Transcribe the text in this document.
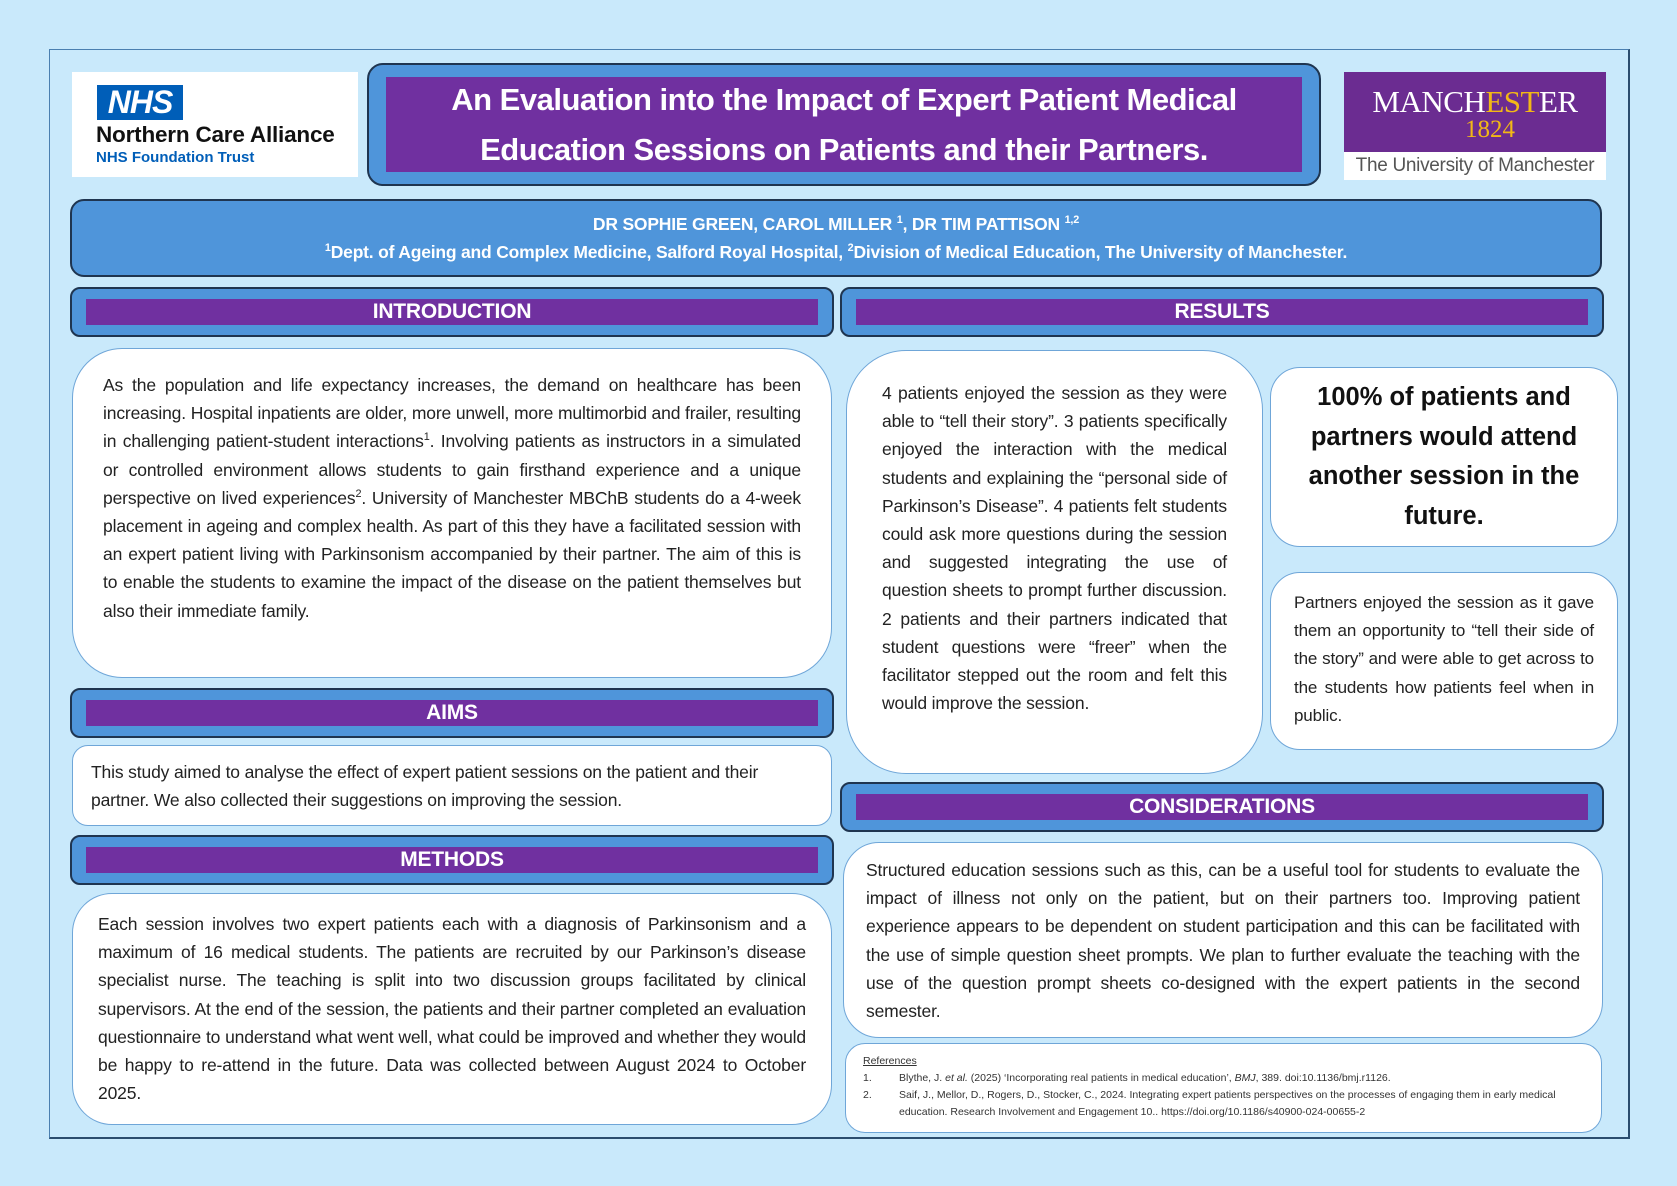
NHS
Northern Care Alliance
NHS Foundation Trust
An Evaluation into the Impact of Expert Patient Medical
Education Sessions on Patients and their Partners.
MANCHESTER
1824
The University of Manchester
DR SOPHIE GREEN, CAROL MILLER $^1$, DR TIM PATTISON $^{1,2}$
$^1$Dept. of Ageing and Complex Medicine, Salford Royal Hospital, $^2$Division of Medical Education, The University of Manchester.
INTRODUCTION

As the population and life expectancy increases, the demand on healthcare has been increasing. Hospital inpatients are older, more unwell, more multimorbid and frailer, resulting in challenging patient-student interactions$^1$. Involving patients as instructors in a simulated or controlled environment allows students to gain firsthand experience and a unique perspective on lived experiences$^2$. University of Manchester MBChB students do a 4-week placement in ageing and complex health. As part of this they have a facilitated session with an expert patient living with Parkinsonism accompanied by their partner. The aim of this is to enable the students to examine the impact of the disease on the patient themselves but also their immediate family.

AIMS

This study aimed to analyse the effect of expert patient sessions on the patient and their partner. We also collected their suggestions on improving the session.

METHODS

Each session involves two expert patients each with a diagnosis of Parkinsonism and a maximum of 16 medical students. The patients are recruited by our Parkinson’s disease specialist nurse. The teaching is split into two discussion groups facilitated by clinical supervisors. At the end of the session, the patients and their partner completed an evaluation questionnaire to understand what went well, what could be improved and whether they would be happy to re-attend in the future. Data was collected between August 2024 to October 2025.

RESULTS

4 patients enjoyed the session as they were able to “tell their story”. 3 patients specifically enjoyed the interaction with the medical students and explaining the “personal side of Parkinson’s Disease”. 4 patients felt students could ask more questions during the session and suggested integrating the use of question sheets to prompt further discussion. 2 patients and their partners indicated that student questions were “freer” when the facilitator stepped out the room and felt this would improve the session.

100% of patients and partners would attend another session in the future.

Partners enjoyed the session as it gave them an opportunity to “tell their side of the story” and were able to get across to the students how patients feel when in public.

CONSIDERATIONS

Structured education sessions such as this, can be a useful tool for students to evaluate the impact of illness not only on the patient, but on their partners too. Improving patient experience appears to be dependent on student participation and this can be facilitated with the use of simple question sheet prompts. We plan to further evaluate the teaching with the use of the question prompt sheets co-designed with the expert patients in the second semester.

References
1.	Blythe, J. et al. (2025) ‘Incorporating real patients in medical education’, BMJ, 389. doi:10.1136/bmj.r1126.
2.	Saif, J., Mellor, D., Rogers, D., Stocker, C., 2024. Integrating expert patients perspectives on the processes of engaging them in early medical education. Research Involvement and Engagement 10.. https://doi.org/10.1186/s40900-024-00655-2
